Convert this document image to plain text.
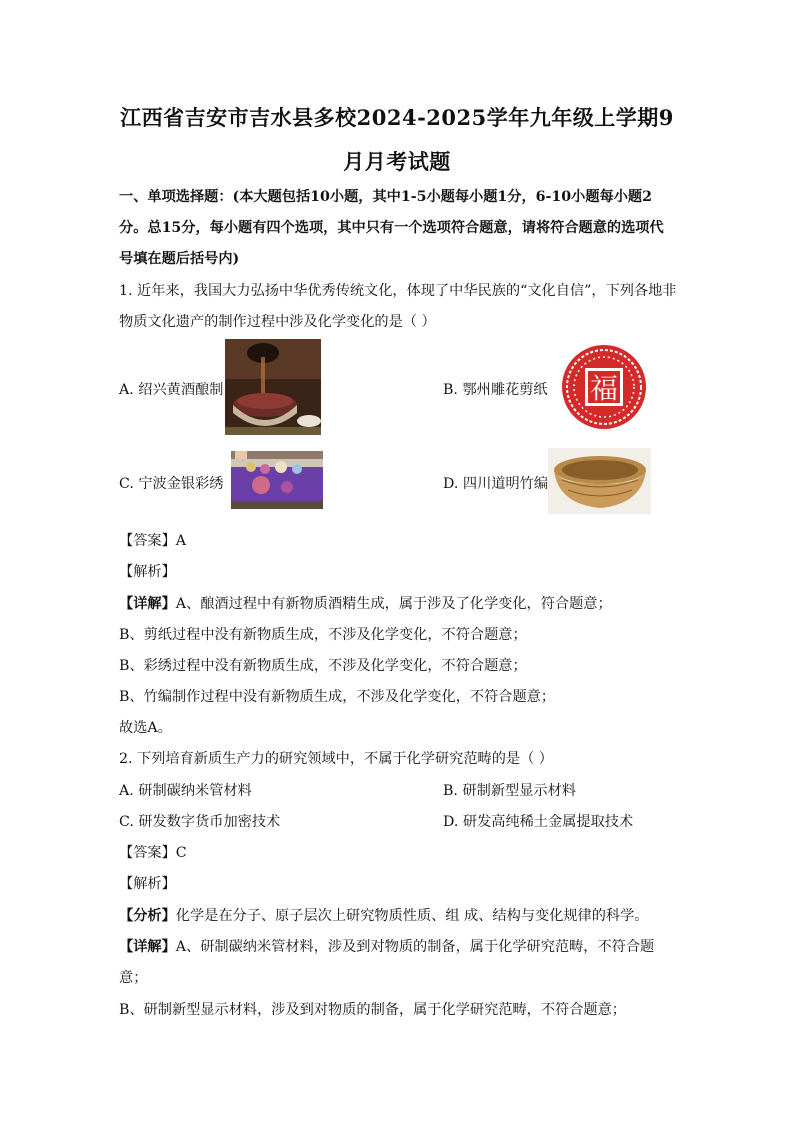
江西省吉安市吉水县多校2024-2025学年九年级上学期9
月月考试题
一、单项选择题：(本大题包括10小题，其中1-5小题每小题1分，6-10小题每小题2
分。总15分，每小题有四个选项，其中只有一个选项符合题意，请将符合题意的选项代
号填在题后括号内)
1. 近年来，我国大力弘扬中华优秀传统文化，体现了中华民族的“文化自信”，下列各地非
物质文化遗产的制作过程中涉及化学变化的是（ ）
A. 绍兴黄酒酿制	B. 鄂州雕花剪纸 福
C. 宁波金银彩绣	D. 四川道明竹编
【答案】A
【解析】
【详解】A、酿酒过程中有新物质酒精生成，属于涉及了化学变化，符合题意；
B、剪纸过程中没有新物质生成，不涉及化学变化，不符合题意；
B、彩绣过程中没有新物质生成，不涉及化学变化，不符合题意；
B、竹编制作过程中没有新物质生成，不涉及化学变化，不符合题意；
故选A。
2. 下列培育新质生产力的研究领域中，不属于化学研究范畴的是（ ）
A. 研制碳纳米管材料	B. 研制新型显示材料
C. 研发数字货币加密技术	D. 研发高纯稀土金属提取技术
【答案】C
【解析】
【分析】化学是在分子、原子层次上研究物质性质、组 成、结构与变化规律的科学。
【详解】A、研制碳纳米管材料，涉及到对物质的制备，属于化学研究范畴，不符合题
意；
B、研制新型显示材料，涉及到对物质的制备，属于化学研究范畴，不符合题意；
